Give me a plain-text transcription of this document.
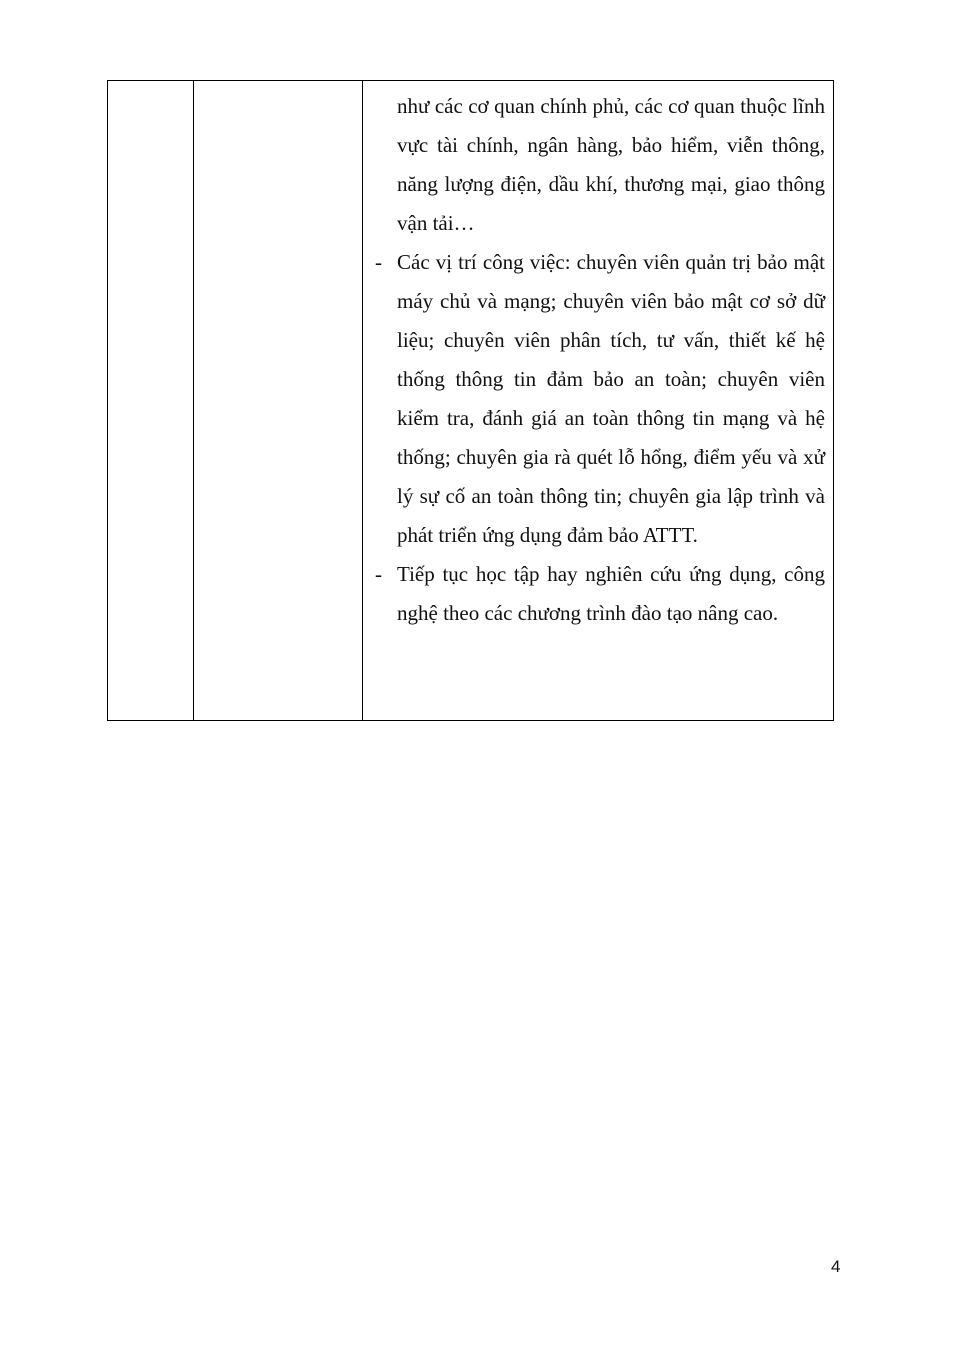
như các cơ quan chính phủ, các cơ quan thuộc lĩnh vực tài chính, ngân hàng, bảo hiểm, viễn thông, năng lượng điện, dầu khí, thương mại, giao thông vận tải…
- Các vị trí công việc: chuyên viên quản trị bảo mật máy chủ và mạng; chuyên viên bảo mật cơ sở dữ liệu; chuyên viên phân tích, tư vấn, thiết kế hệ thống thông tin đảm bảo an toàn; chuyên viên kiểm tra, đánh giá an toàn thông tin mạng và hệ thống; chuyên gia rà quét lỗ hổng, điểm yếu và xử lý sự cố an toàn thông tin; chuyên gia lập trình và phát triển ứng dụng đảm bảo ATTT.
- Tiếp tục học tập hay nghiên cứu ứng dụng, công nghệ theo các chương trình đào tạo nâng cao.
4
